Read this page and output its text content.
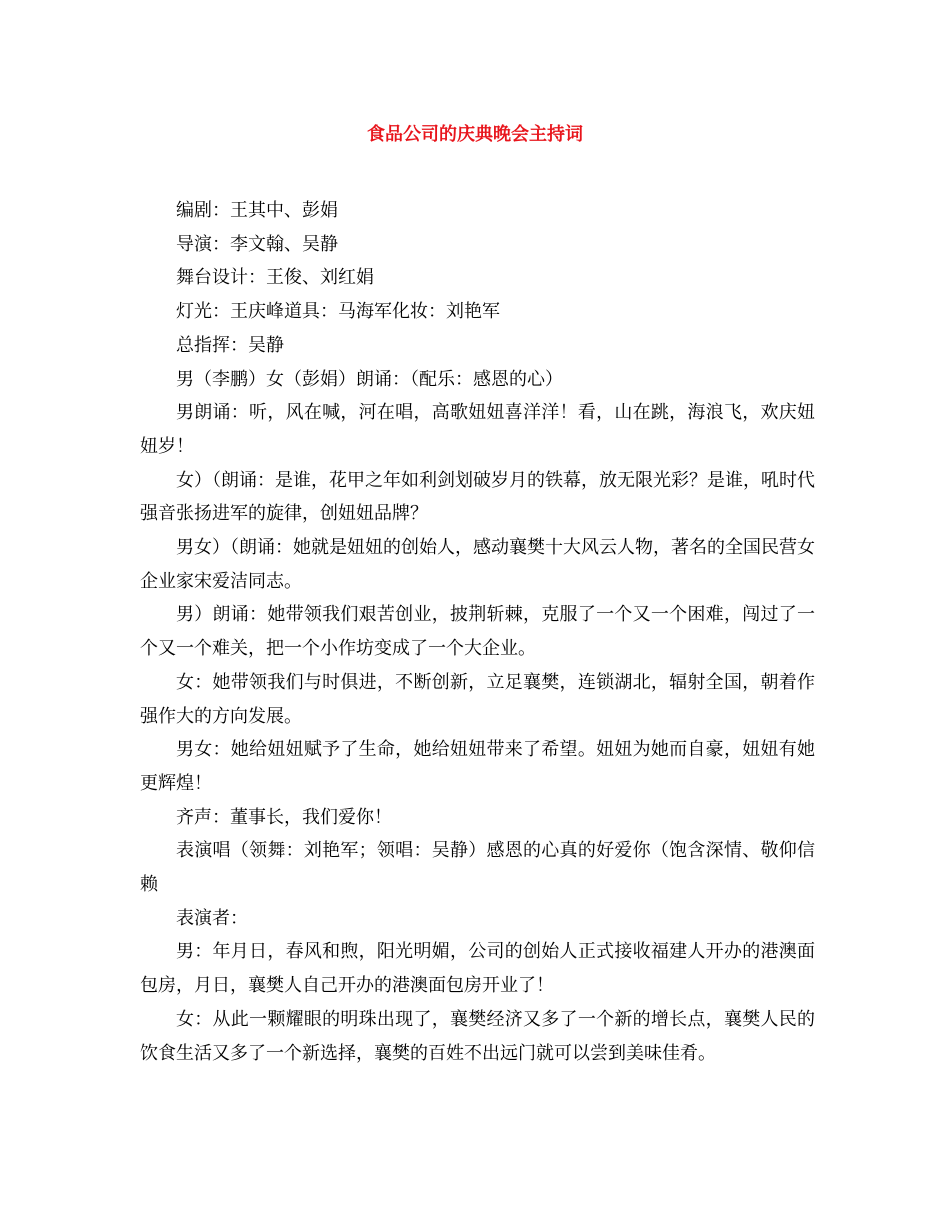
食品公司的庆典晚会主持词

编剧：王其中、彭娟

导演：李文翰、吴静

舞台设计：王俊、刘红娟

灯光：王庆峰道具：马海军化妆：刘艳军

总指挥：吴静

男（李鹏）女（彭娟）朗诵：（配乐：感恩的心）

男朗诵：听，风在喊，河在唱，高歌妞妞喜洋洋！看，山在跳，海浪飞，欢庆妞妞岁！

女）（朗诵：是谁，花甲之年如利剑划破岁月的铁幕，放无限光彩？是谁，吼时代强音张扬进军的旋律，创妞妞品牌？

男女）（朗诵：她就是妞妞的创始人，感动襄樊十大风云人物，著名的全国民营女企业家宋爱洁同志。

男）朗诵：她带领我们艰苦创业，披荆斩棘，克服了一个又一个困难，闯过了一个又一个难关，把一个小作坊变成了一个大企业。

女：她带领我们与时俱进，不断创新，立足襄樊，连锁湖北，辐射全国，朝着作强作大的方向发展。

男女：她给妞妞赋予了生命，她给妞妞带来了希望。妞妞为她而自豪，妞妞有她更辉煌！

齐声：董事长，我们爱你！

表演唱（领舞：刘艳军；领唱：吴静）感恩的心真的好爱你（饱含深情、敬仰信赖

表演者：

男：年月日，春风和煦，阳光明媚，公司的创始人正式接收福建人开办的港澳面包房，月日，襄樊人自己开办的港澳面包房开业了！

女：从此一颗耀眼的明珠出现了，襄樊经济又多了一个新的增长点，襄樊人民的饮食生活又多了一个新选择，襄樊的百姓不出远门就可以尝到美味佳肴。
